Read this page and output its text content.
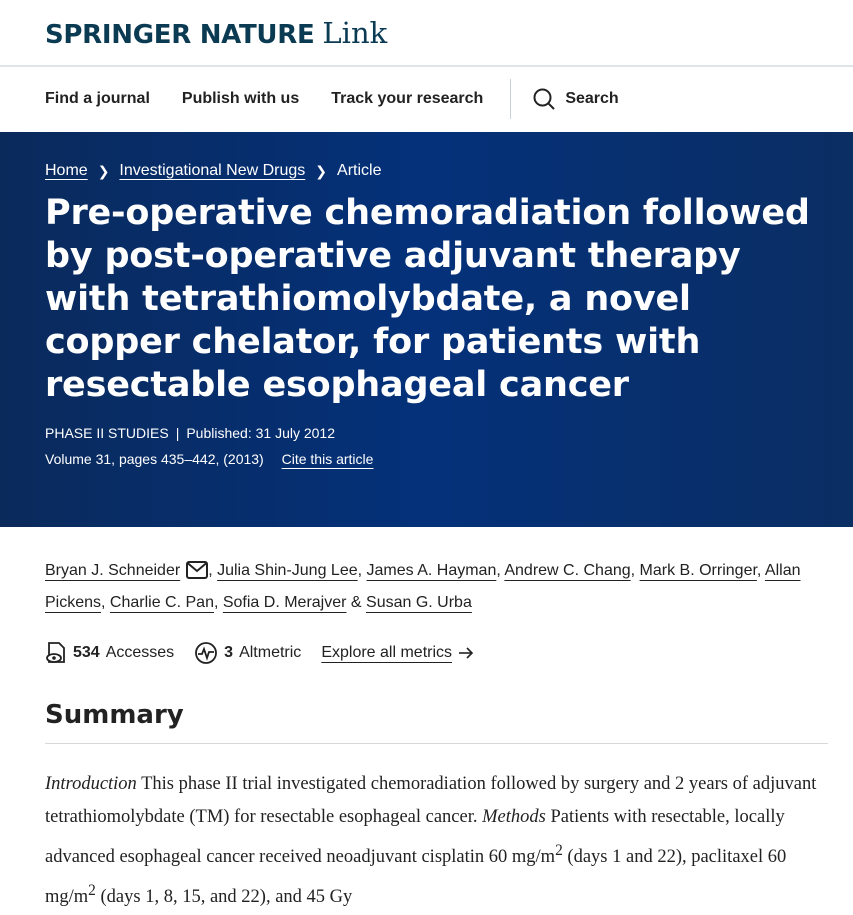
SPRINGER NATURE Link
Find a journal Publish with us Track your research	Search
Home ❯ Investigational New Drugs ❯ Article
Pre-operative chemoradiation followed by post-operative adjuvant therapy with tetrathiomolybdate, a novel copper chelator, for patients with resectable esophageal cancer
PHASE II STUDIES | Published: 31 July 2012
Volume 31, pages 435–442, (2013) Cite this article
Bryan J. Schneider , Julia Shin-Jung Lee, James A. Hayman, Andrew C. Chang, Mark B. Orringer, Allan Pickens, Charlie C. Pan, Sofia D. Merajver & Susan G. Urba
534 Accesses	3 Altmetric Explore all metrics
Summary

Introduction This phase II trial investigated chemoradiation followed by surgery and 2 years of adjuvant tetrathiomolybdate (TM) for resectable esophageal cancer. Methods Patients with resectable, locally advanced esophageal cancer received neoadjuvant cisplatin 60 $mg/m^2$ (days 1 and 22), paclitaxel 60 $mg/m^2$ (days 1, 8, 15, and 22), and 45 Gy
